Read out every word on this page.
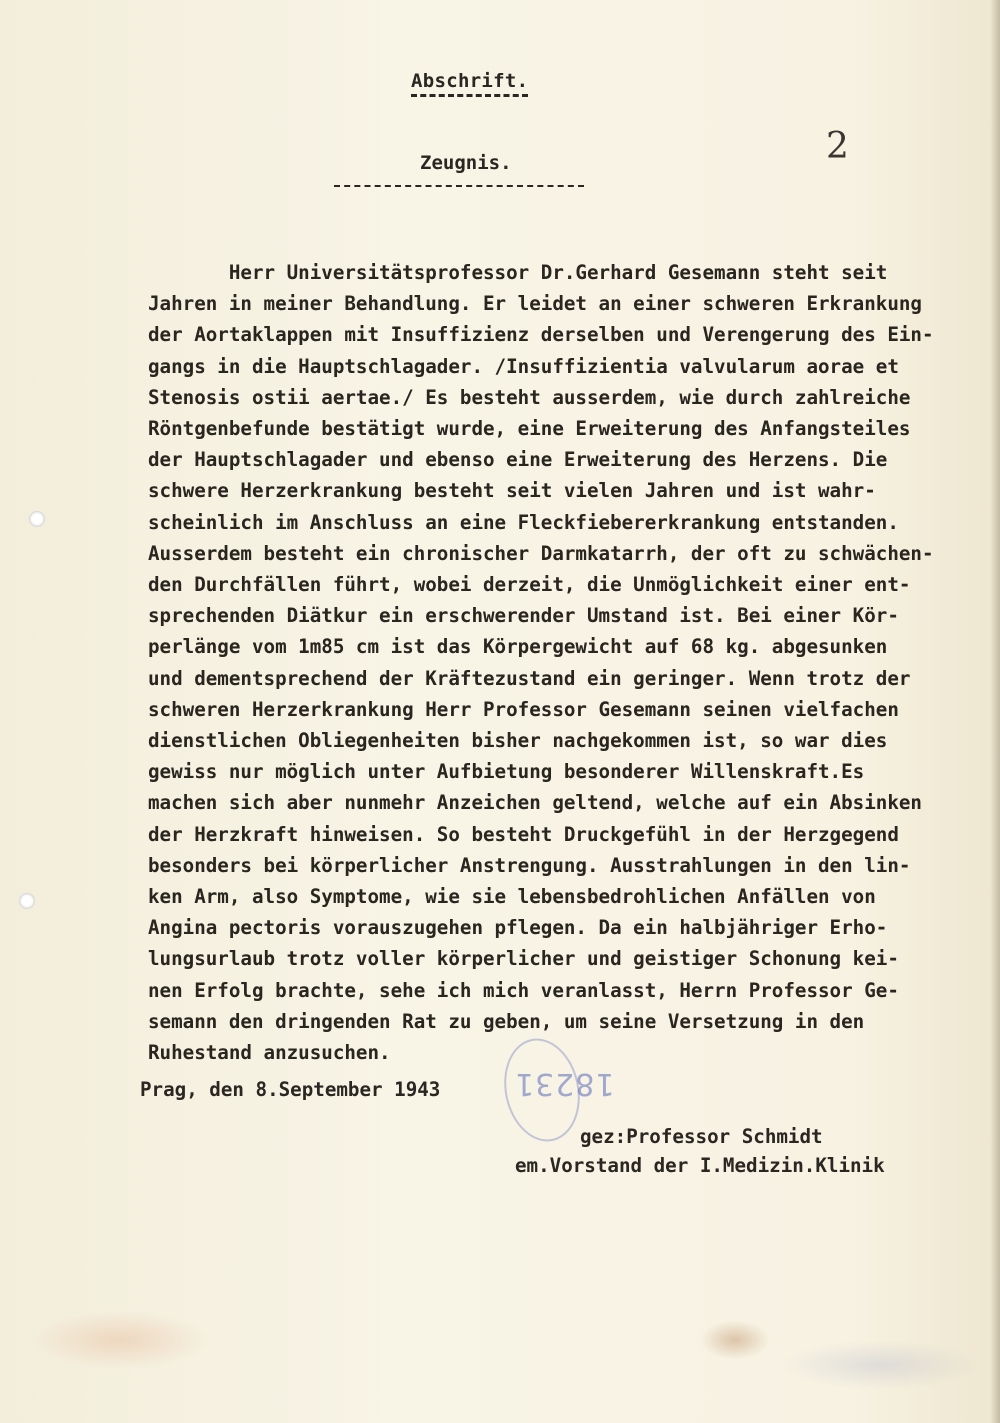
Abschrift.
2
Zeugnis.
Herr Universitätsprofessor Dr.Gerhard Gesemann steht seit
Jahren in meiner Behandlung. Er leidet an einer schweren Erkrankung
der Aortaklappen mit Insuffizienz derselben und Verengerung des Ein-
gangs in die Hauptschlagader. /Insuffizientia valvularum aorae et
Stenosis ostii aertae./ Es besteht ausserdem, wie durch zahlreiche
Röntgenbefunde bestätigt wurde, eine Erweiterung des Anfangsteiles
der Hauptschlagader und ebenso eine Erweiterung des Herzens. Die
schwere Herzerkrankung besteht seit vielen Jahren und ist wahr-
scheinlich im Anschluss an eine Fleckfiebererkrankung entstanden.
Ausserdem besteht ein chronischer Darmkatarrh, der oft zu schwächen-
den Durchfällen führt, wobei derzeit, die Unmöglichkeit einer ent-
sprechenden Diätkur ein erschwerender Umstand ist. Bei einer Kör-
perlänge vom 1m85 cm ist das Körpergewicht auf 68 kg. abgesunken
und dementsprechend der Kräftezustand ein geringer. Wenn trotz der
schweren Herzerkrankung Herr Professor Gesemann seinen vielfachen
dienstlichen Obliegenheiten bisher nachgekommen ist, so war dies
gewiss nur möglich unter Aufbietung besonderer Willenskraft.Es
machen sich aber nunmehr Anzeichen geltend, welche auf ein Absinken
der Herzkraft hinweisen. So besteht Druckgefühl in der Herzgegend
besonders bei körperlicher Anstrengung. Ausstrahlungen in den lin-
ken Arm, also Symptome, wie sie lebensbedrohlichen Anfällen von
Angina pectoris vorauszugehen pflegen. Da ein halbjähriger Erho-
lungsurlaub trotz voller körperlicher und geistiger Schonung kei-
nen Erfolg brachte, sehe ich mich veranlasst, Herrn Professor Ge-
semann den dringenden Rat zu geben, um seine Versetzung in den
Ruhestand anzusuchen.
18231
Prag, den 8.September 1943
gez:Professor Schmidt
em.Vorstand der I.Medizin.Klinik
